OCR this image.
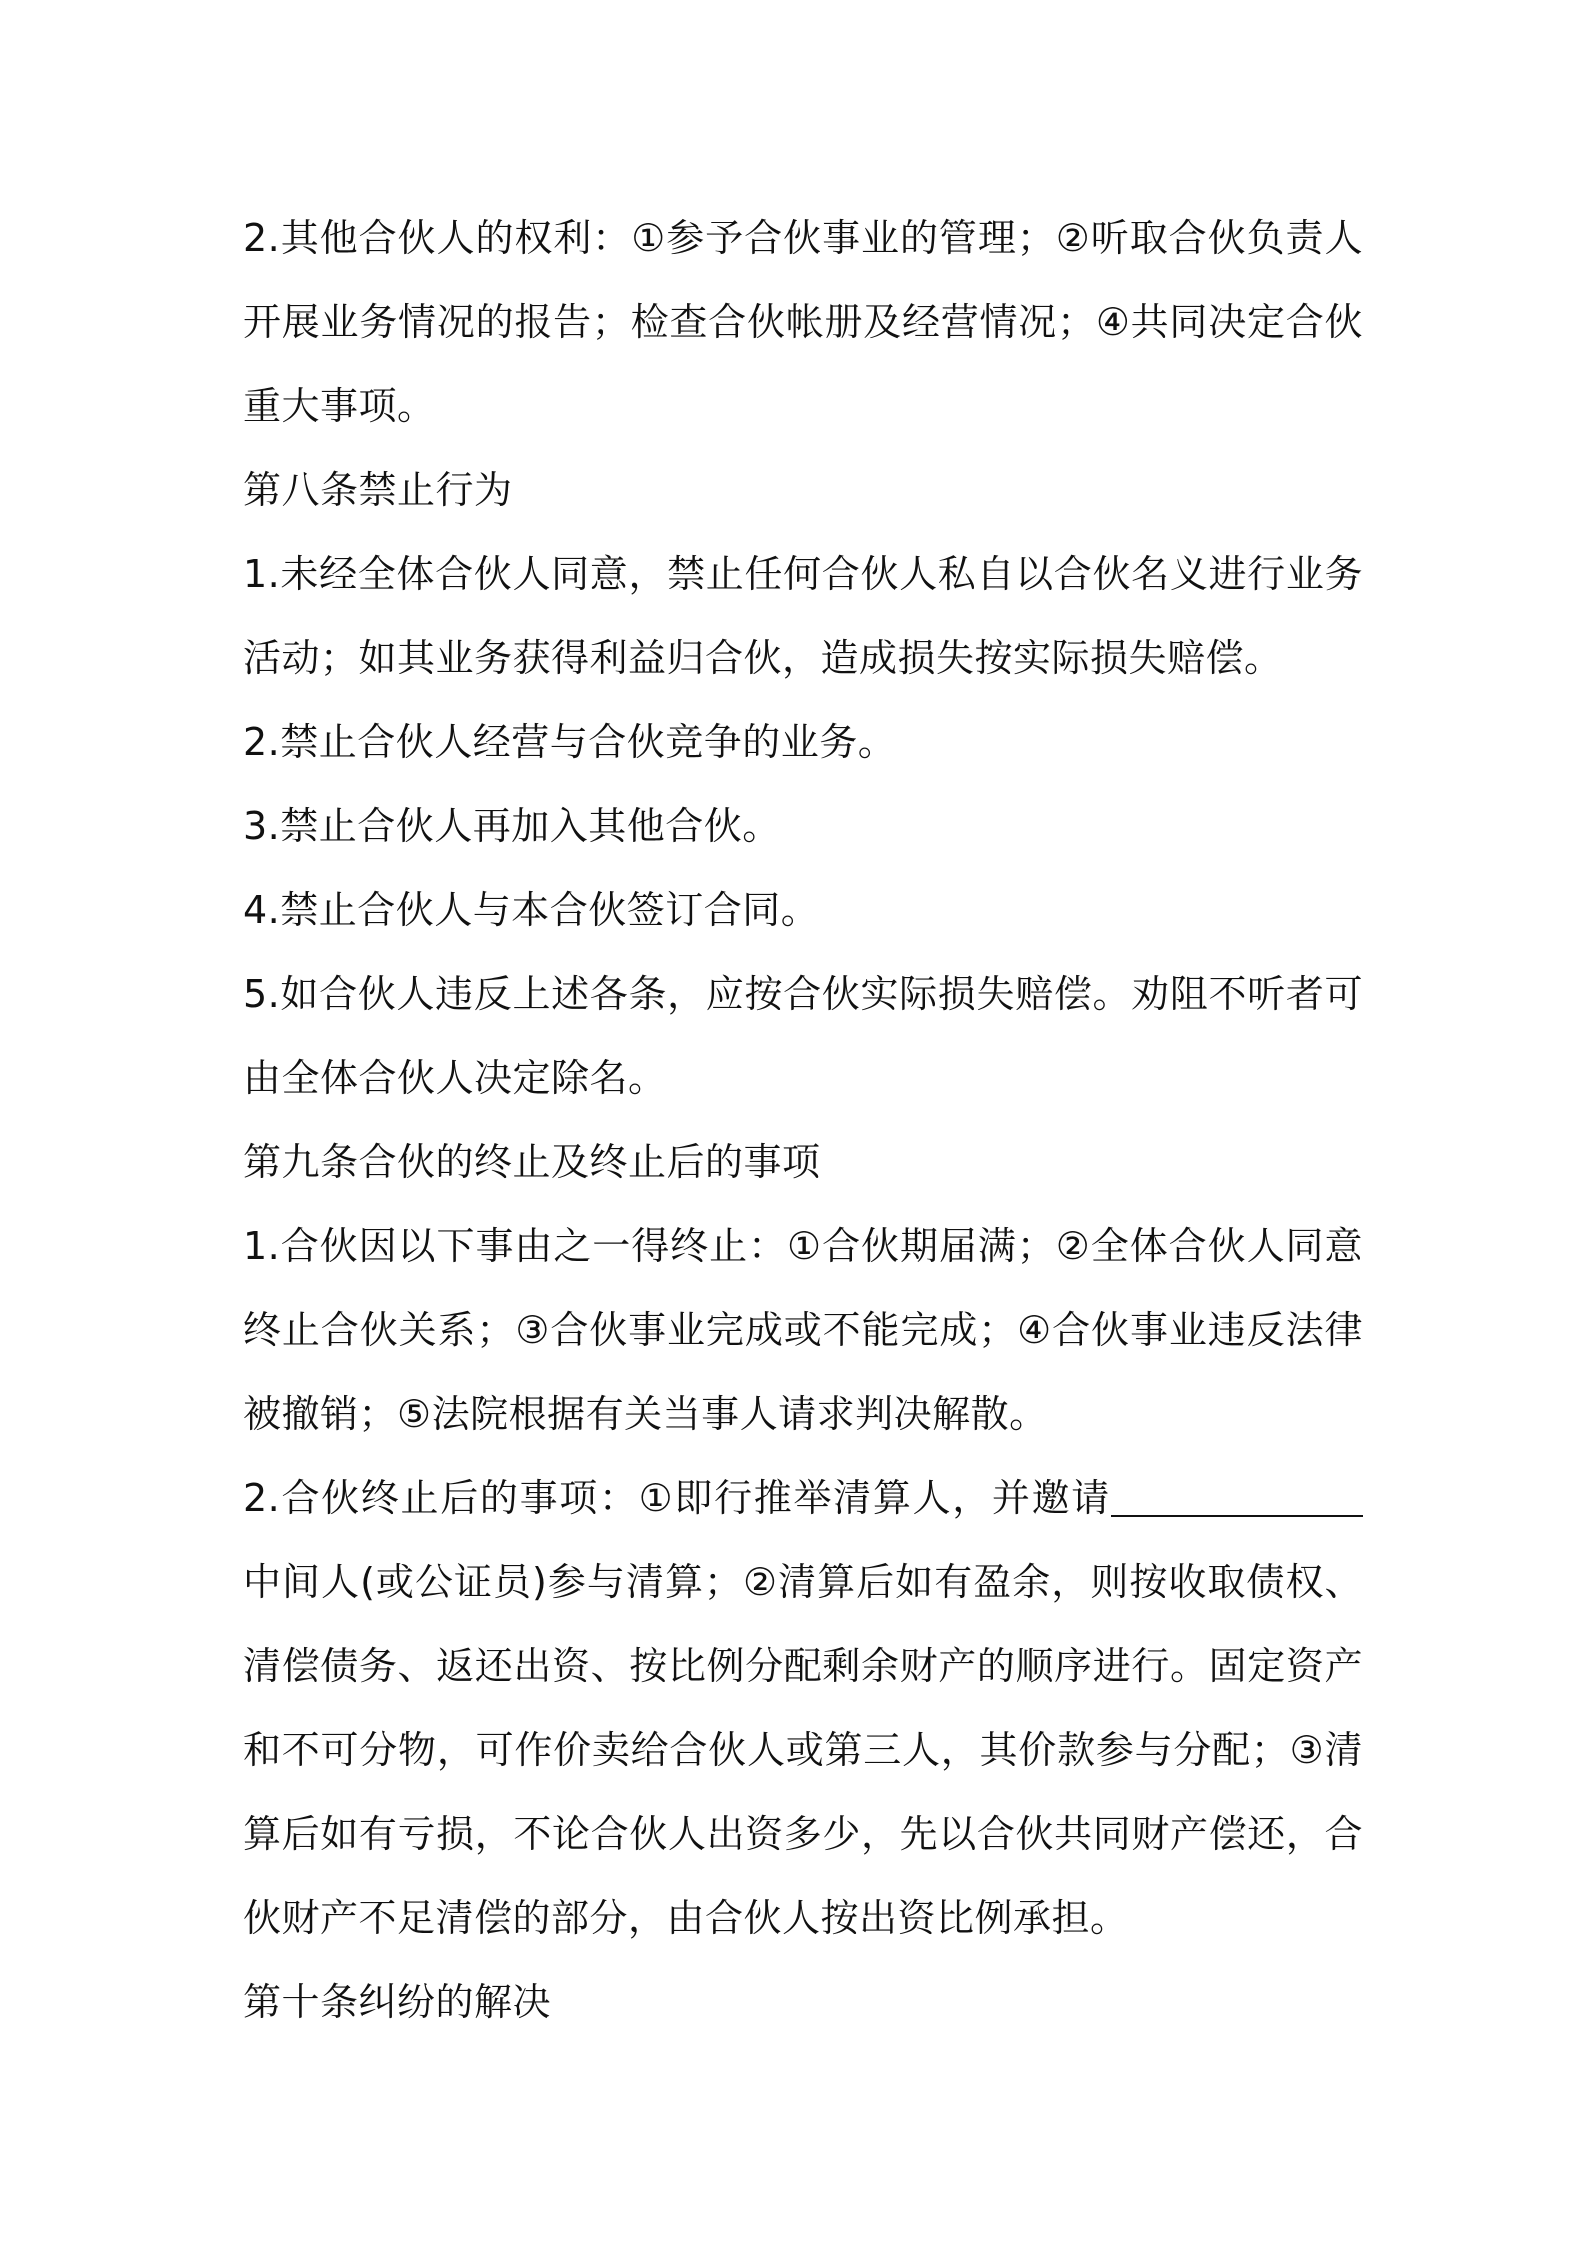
2.其他合伙人的权利：①参予合伙事业的管理；②听取合伙负责人开展业务情况的报告；检查合伙帐册及经营情况；④共同决定合伙重大事项。

第八条禁止行为

1.未经全体合伙人同意，禁止任何合伙人私自以合伙名义进行业务活动；如其业务获得利益归合伙，造成损失按实际损失赔偿。

2.禁止合伙人经营与合伙竞争的业务。

3.禁止合伙人再加入其他合伙。

4.禁止合伙人与本合伙签订合同。

5.如合伙人违反上述各条，应按合伙实际损失赔偿。劝阻不听者可由全体合伙人决定除名。

第九条合伙的终止及终止后的事项

1.合伙因以下事由之一得终止：①合伙期届满；②全体合伙人同意终止合伙关系；③合伙事业完成或不能完成；④合伙事业违反法律被撤销；⑤法院根据有关当事人请求判决解散。

2.合伙终止后的事项：①即行推举清算人，并邀请中间人(或公证员)参与清算；②清算后如有盈余，则按收取债权、清偿债务、返还出资、按比例分配剩余财产的顺序进行。固定资产和不可分物，可作价卖给合伙人或第三人，其价款参与分配；③清算后如有亏损，不论合伙人出资多少，先以合伙共同财产偿还，合伙财产不足清偿的部分，由合伙人按出资比例承担。

第十条纠纷的解决
